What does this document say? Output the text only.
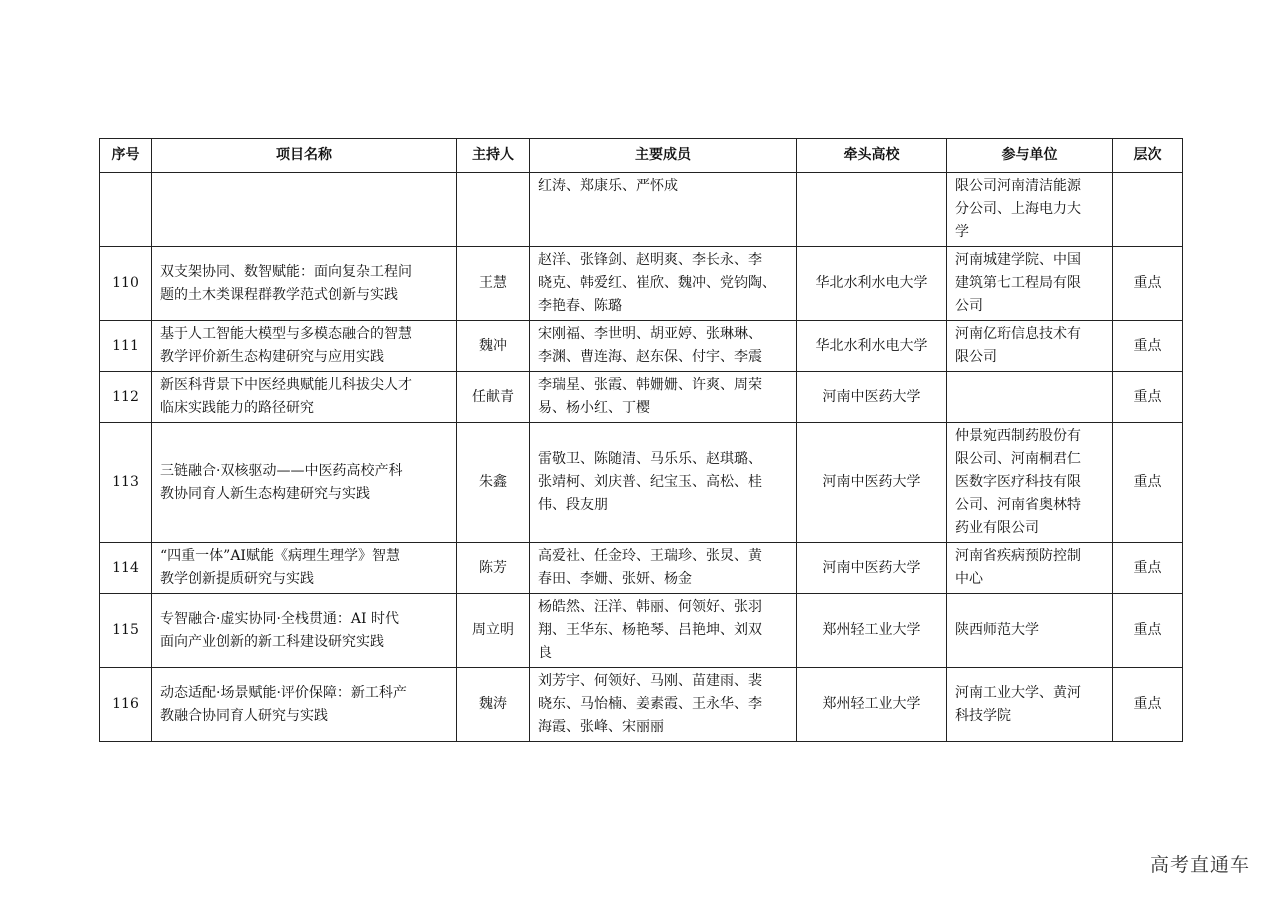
序号	项目名称	主持人	主要成员	牵头高校	参与单位	层次

			红涛、郑康乐、严怀成		限公司河南清洁能源
分公司、上海电力大
学	

110	双支架协同、数智赋能：面向复杂工程问
题的土木类课程群教学范式创新与实践	王慧	赵洋、张锋剑、赵明爽、李长永、李
晓克、韩爱红、崔欣、魏冲、党钧陶、
李艳春、陈璐	华北水利水电大学	河南城建学院、中国
建筑第七工程局有限
公司	重点

111	基于人工智能大模型与多模态融合的智慧
教学评价新生态构建研究与应用实践	魏冲	宋刚福、李世明、胡亚婷、张琳琳、
李渊、曹连海、赵东保、付宇、李震	华北水利水电大学	河南亿珩信息技术有
限公司	重点

112	新医科背景下中医经典赋能儿科拔尖人才
临床实践能力的路径研究	任献青	李瑞星、张霞、韩姗姗、许爽、周荣
易、杨小红、丁樱	河南中医药大学		重点

113	三链融合·双核驱动——中医药高校产科
教协同育人新生态构建研究与实践	朱鑫	雷敬卫、陈随清、马乐乐、赵琪璐、
张靖柯、刘庆普、纪宝玉、高松、桂
伟、段友朋	河南中医药大学	仲景宛西制药股份有
限公司、河南桐君仁
医数字医疗科技有限
公司、河南省奥林特
药业有限公司	重点

114	“四重一体”AI赋能《病理生理学》智慧
教学创新提质研究与实践	陈芳	高爱社、任金玲、王瑞珍、张炅、黄
春田、李姗、张妍、杨金	河南中医药大学	河南省疾病预防控制
中心	重点

115	专智融合·虚实协同·全栈贯通：AI 时代
面向产业创新的新工科建设研究实践	周立明	杨皓然、汪洋、韩丽、何领好、张羽
翔、王华东、杨艳琴、吕艳坤、刘双
良	郑州轻工业大学	陕西师范大学	重点

116	动态适配·场景赋能·评价保障：新工科产
教融合协同育人研究与实践	魏涛	刘芳宇、何领好、马刚、苗建雨、裴
晓东、马怡楠、姜素霞、王永华、李
海霞、张峰、宋丽丽	郑州轻工业大学	河南工业大学、黄河
科技学院	重点
高考直通车
